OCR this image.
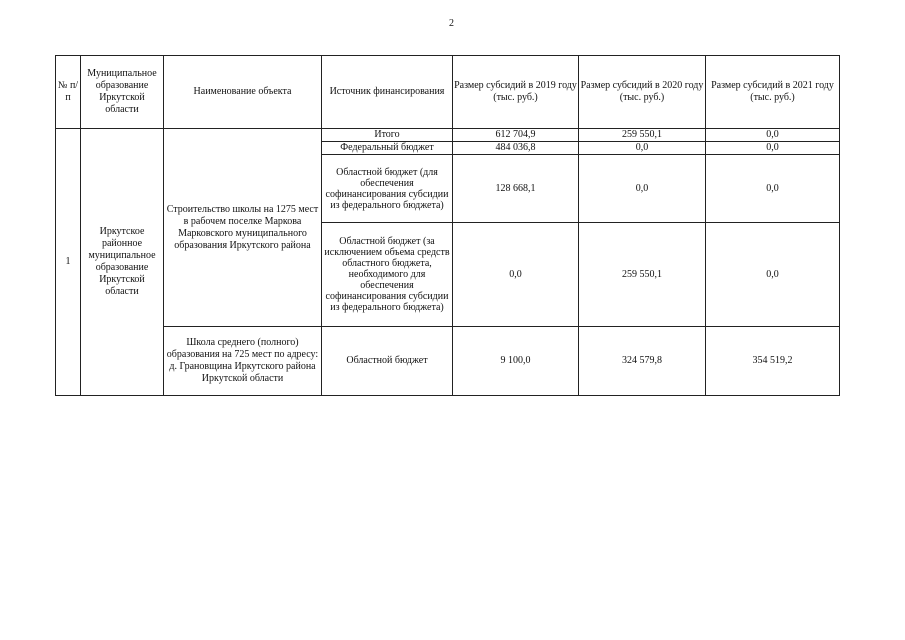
2
№ п/п	Муниципальное образование Иркутской области	Наименование объекта	Источник финансирования	Размер субсидий в 2019 году (тыс. руб.)	Размер субсидий в 2020 году (тыс. руб.)	Размер субсидий в 2021 году (тыс. руб.)
1	Иркутское районное муниципальное образование Иркутской области	Строительство школы на 1275 мест в рабочем поселке Маркова Марковского муниципального образования Иркутского района	Итого	612 704,9	259 550,1	0,0
			Федеральный бюджет	484 036,8	0,0	0,0
			Областной бюджет (для обеспечения софинансирования субсидии из федерального бюджета)	128 668,1	0,0	0,0
			Областной бюджет (за исключением объема средств областного бюджета, необходимого для обеспечения софинансирования субсидии из федерального бюджета)	0,0	259 550,1	0,0
		Школа среднего (полного) образования на 725 мест по адресу: д. Грановщина Иркутского района Иркутской области	Областной бюджет	9 100,0	324 579,8	354 519,2
